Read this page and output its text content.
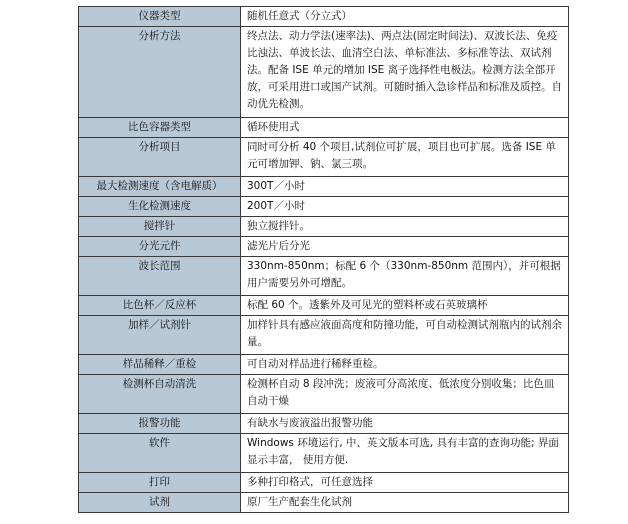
仪器类型	随机任意式（分立式）
分析方法	终点法、动力学法(速率法)、两点法(固定时间法)、双波长法、免疫比浊法、单波长法、血清空白法、单标准法、多标准等法、双试剂法。配备 ISE 单元的增加 ISE 离子选择性电极法。检测方法全部开放，可采用进口或国产试剂。可随时插入急诊样品和标准及质控。自动优先检测。
比色容器类型	循环使用式
分析项目	同时可分析 40 个项目,试剂位可扩展，项目也可扩展。选备 ISE 单元可增加钾、钠、氯三项。
最大检测速度（含电解质）	300T／小时
生化检测速度	200T／小时
搅拌针	独立搅拌针。
分光元件	滤光片后分光
波长范围	330nm-850nm；标配 6 个（330nm-850nm 范围内），并可根据用户需要另外可增配。
比色杯／反应杯	标配 60 个。透紫外及可见光的塑料杯或石英玻璃杯
加样／试剂针	加样针具有感应液面高度和防撞功能，可自动检测试剂瓶内的试剂余量。
样品稀释／重检	可自动对样品进行稀释重检。
检测杯自动清洗	检测杯自动 8 段冲洗；废液可分高浓度、低浓度分别收集；比色皿自动干燥
报警功能	有缺水与废液溢出报警功能
软件	Windows 环境运行, 中、英文版本可选, 具有丰富的查询功能; 界面显示丰富， 使用方便.
打印	多种打印格式，可任意选择
试剂	原厂生产配套生化试剂
